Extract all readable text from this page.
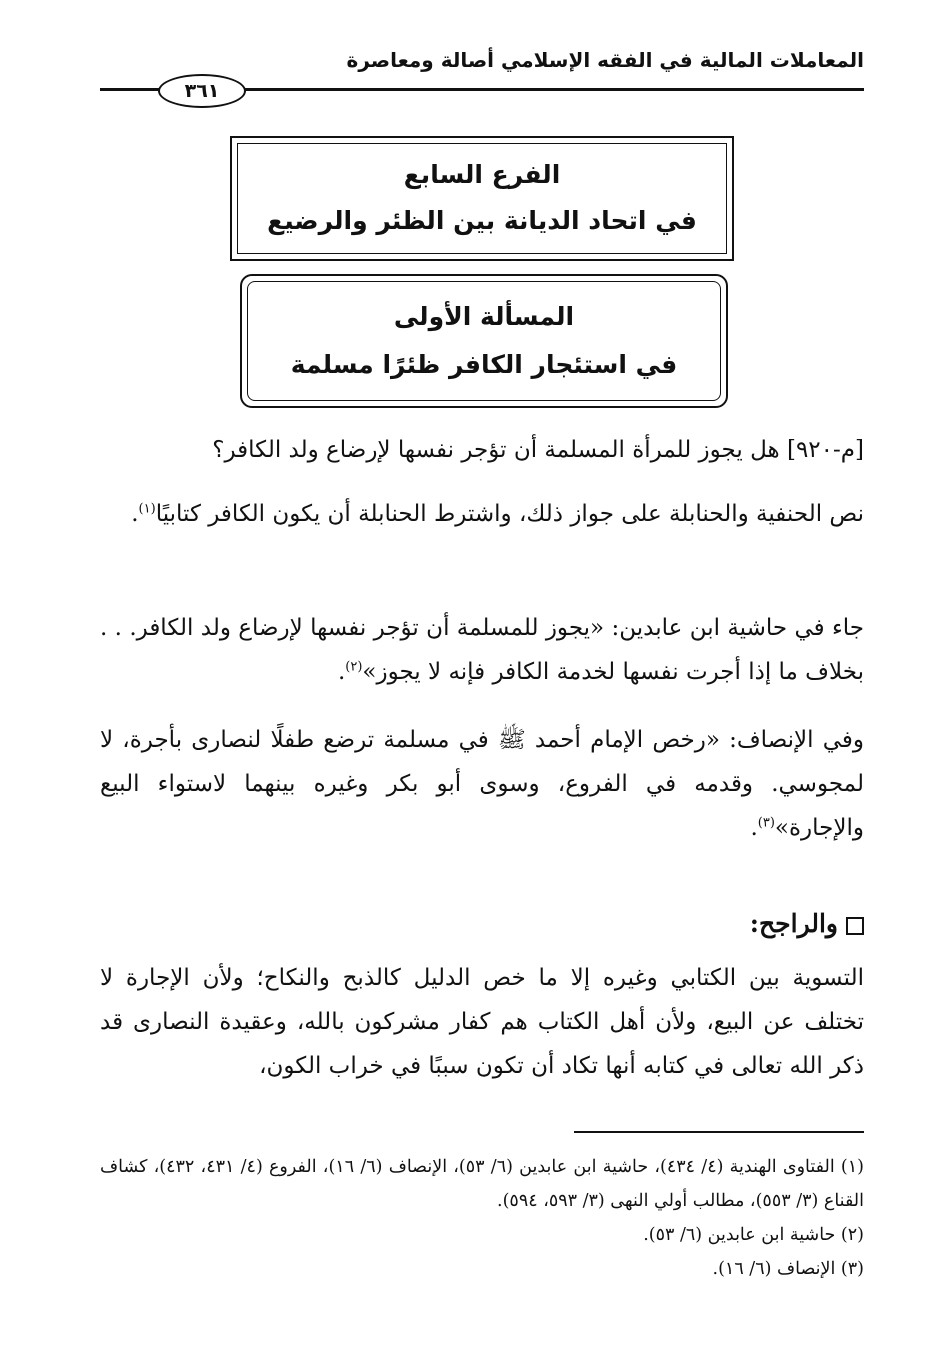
المعاملات المالية في الفقه الإسلامي أصالة ومعاصرة
٣٦١
الفرع السابع
في اتحاد الديانة بين الظئر والرضيع
المسألة الأولى
في استئجار الكافر ظئرًا مسلمة
[م-٩٢٠] هل يجوز للمرأة المسلمة أن تؤجر نفسها لإرضاع ولد الكافر؟
نص الحنفية والحنابلة على جواز ذلك، واشترط الحنابلة أن يكون الكافر كتابيًا$^{(١)}$.
جاء في حاشية ابن عابدين: «يجوز للمسلمة أن تؤجر نفسها لإرضاع ولد الكافر. . . بخلاف ما إذا أجرت نفسها لخدمة الكافر فإنه لا يجوز»$^{(٢)}$.
وفي الإنصاف: «رخص الإمام أحمد ﷺ في مسلمة ترضع طفلًا لنصارى بأجرة، لا لمجوسي. وقدمه في الفروع، وسوى أبو بكر وغيره بينهما لاستواء البيع والإجارة»$^{(٣)}$.
والراجح:
التسوية بين الكتابي وغيره إلا ما خص الدليل كالذبح والنكاح؛ ولأن الإجارة لا تختلف عن البيع، ولأن أهل الكتاب هم كفار مشركون بالله، وعقيدة النصارى قد ذكر الله تعالى في كتابه أنها تكاد أن تكون سببًا في خراب الكون،
(١) الفتاوى الهندية (٤/ ٤٣٤)، حاشية ابن عابدين (٦/ ٥٣)، الإنصاف (٦/ ١٦)، الفروع (٤/ ٤٣١، ٤٣٢)، كشاف القناع (٣/ ٥٥٣)، مطالب أولي النهى (٣/ ٥٩٣، ٥٩٤).
(٢) حاشية ابن عابدين (٦/ ٥٣).
(٣) الإنصاف (٦/ ١٦).
